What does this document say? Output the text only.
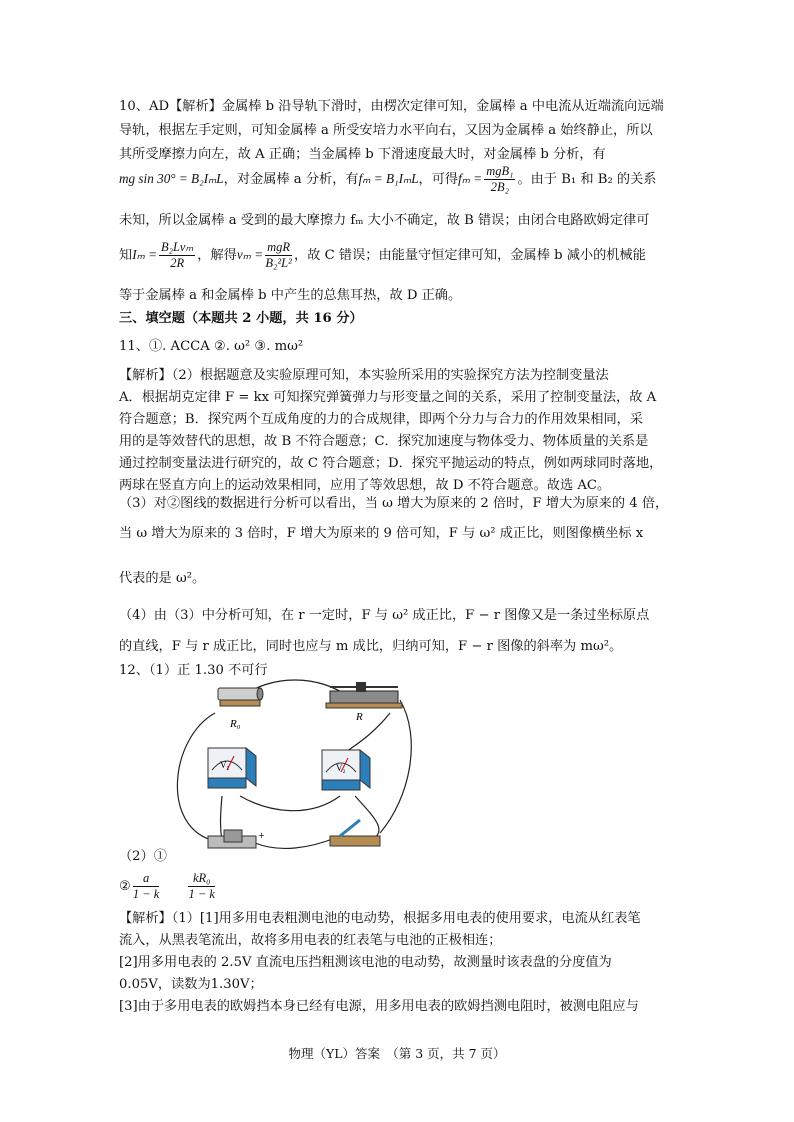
10、AD【解析】金属棒 b 沿导轨下滑时，由楞次定律可知，金属棒 a 中电流从近端流向远端
导轨，根据左手定则，可知金属棒 a 所受安培力水平向右，又因为金属棒 a 始终静止，所以
其所受摩擦力向左，故 A 正确；当金属棒 b 下滑速度最大时，对金属棒 b 分析，有
mg sin 30° = B₂IₘL，对金属棒 a 分析，有fₘ = B₁IₘL，可得$f_m = \frac{\text{mgB₁}}{\text{2B₂}}$ 。由于 B₁ 和 B₂ 的关系
未知，所以金属棒 a 受到的最大摩擦力 fₘ 大小不确定，故 B 错误；由闭合电路欧姆定律可
知$I_m = \frac{\text{B₂Lvₘ}}{2R}$ ，解得$v_m = \frac{\text{mgR}}{\text{B₂²L²}}$ ，故 C 错误；由能量守恒定律可知，金属棒 b 减小的机械能
等于金属棒 a 和金属棒 b 中产生的总焦耳热，故 D 正确。
三、填空题（本题共 2 小题，共 16 分）
11、①. ACCA ②. ω² ③. mω²
【解析】（2）根据题意及实验原理可知，本实验所采用的实验探究方法为控制变量法
A．根据胡克定律 F = kx 可知探究弹簧弹力与形变量之间的关系，采用了控制变量法，故 A
符合题意；B．探究两个互成角度的力的合成规律，即两个分力与合力的作用效果相同，采
用的是等效替代的思想，故 B 不符合题意；C．探究加速度与物体受力、物体质量的关系是
通过控制变量法进行研究的，故 C 符合题意；D．探究平抛运动的特点，例如两球同时落地，
两球在竖直方向上的运动效果相同，应用了等效思想，故 D 不符合题意。故选 AC。
（3）对②图线的数据进行分析可以看出，当 ω 增大为原来的 2 倍时，F 增大为原来的 4 倍，
当 ω 增大为原来的 3 倍时，F 增大为原来的 9 倍可知，F 与 ω² 成正比，则图像横坐标 x
代表的是 ω²。
（4）由（3）中分析可知，在 r 一定时，F 与 ω² 成正比，F − r 图像又是一条过坐标原点
的直线，F 与 r 成正比，同时也应与 m 成比，归纳可知，F − r 图像的斜率为 mω²。
12、（1）正 1.30 不可行
R₀
R
V₁	V₂
+
（2）①
② $\frac{a}{1 - k}$
$\frac{\text{kR₀}}{1 - k}$
【解析】（1）[1]用多用电表粗测电池的电动势，根据多用电表的使用要求，电流从红表笔
流入，从黑表笔流出，故将多用电表的红表笔与电池的正极相连；
[2]用多用电表的 2.5V 直流电压挡粗测该电池的电动势，故测量时该表盘的分度值为
0.05V，读数为1.30V；
[3]由于多用电表的欧姆挡本身已经有电源，用多用电表的欧姆挡测电阻时，被测电阻应与
物理（YL）答案　（第 3 页，共 7 页）
